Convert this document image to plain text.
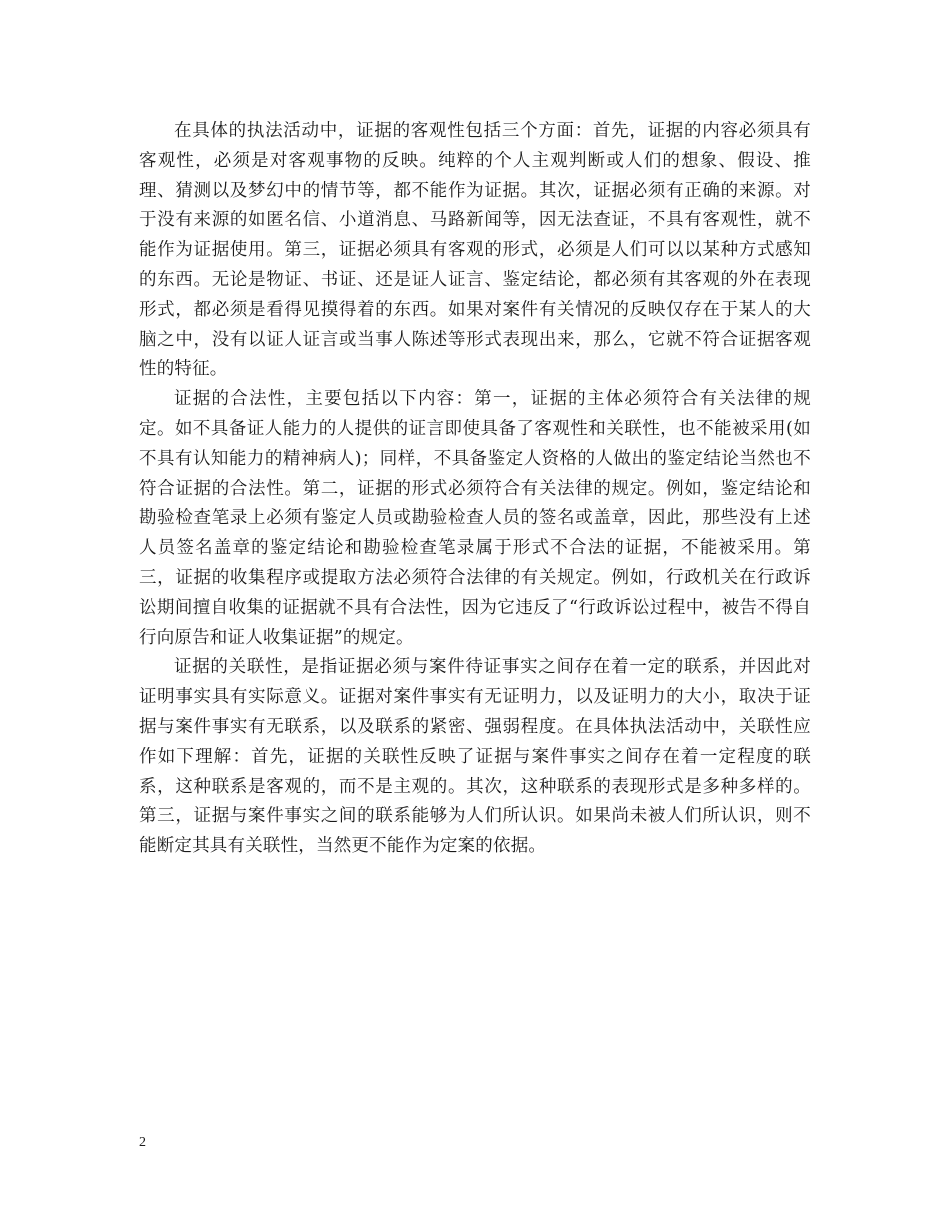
在具体的执法活动中，证据的客观性包括三个方面：首先，证据的内容必须具有客观性，必须是对客观事物的反映。纯粹的个人主观判断或人们的想象、假设、推理、猜测以及梦幻中的情节等，都不能作为证据。其次，证据必须有正确的来源。对于没有来源的如匿名信、小道消息、马路新闻等，因无法查证，不具有客观性，就不能作为证据使用。第三，证据必须具有客观的形式，必须是人们可以以某种方式感知的东西。无论是物证、书证、还是证人证言、鉴定结论，都必须有其客观的外在表现形式，都必须是看得见摸得着的东西。如果对案件有关情况的反映仅存在于某人的大脑之中，没有以证人证言或当事人陈述等形式表现出来，那么，它就不符合证据客观性的特征。

证据的合法性，主要包括以下内容：第一，证据的主体必须符合有关法律的规定。如不具备证人能力的人提供的证言即使具备了客观性和关联性，也不能被采用(如不具有认知能力的精神病人)；同样，不具备鉴定人资格的人做出的鉴定结论当然也不符合证据的合法性。第二，证据的形式必须符合有关法律的规定。例如，鉴定结论和勘验检查笔录上必须有鉴定人员或勘验检查人员的签名或盖章，因此，那些没有上述人员签名盖章的鉴定结论和勘验检查笔录属于形式不合法的证据，不能被采用。第三，证据的收集程序或提取方法必须符合法律的有关规定。例如，行政机关在行政诉讼期间擅自收集的证据就不具有合法性，因为它违反了“行政诉讼过程中，被告不得自行向原告和证人收集证据”的规定。

证据的关联性，是指证据必须与案件待证事实之间存在着一定的联系，并因此对证明事实具有实际意义。证据对案件事实有无证明力，以及证明力的大小，取决于证据与案件事实有无联系，以及联系的紧密、强弱程度。在具体执法活动中，关联性应作如下理解：首先，证据的关联性反映了证据与案件事实之间存在着一定程度的联系，这种联系是客观的，而不是主观的。其次，这种联系的表现形式是多种多样的。第三，证据与案件事实之间的联系能够为人们所认识。如果尚未被人们所认识，则不能断定其具有关联性，当然更不能作为定案的依据。

2
